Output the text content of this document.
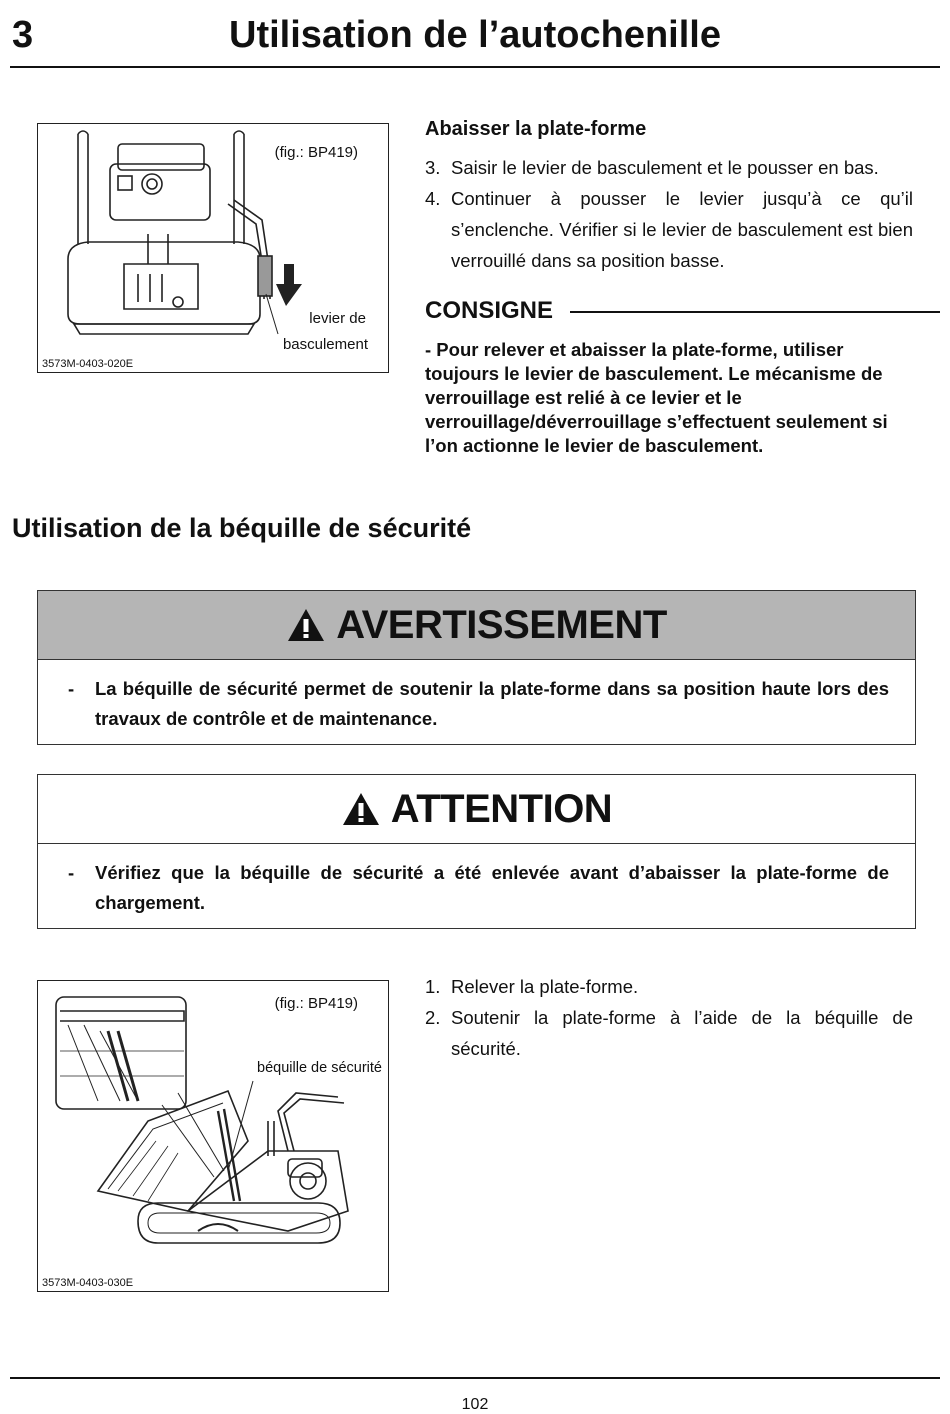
Utilisation de l’autochenille
3
(fig.: BP419)
levier de
basculement
3573M-0403-020E
Abaisser la plate-forme
3. Saisir le levier de basculement et le pousser en bas.
4. Continuer à pousser le levier jusqu’à ce qu’il s’enclenche. Vérifier si le levier de basculement est bien verrouillé dans sa position basse.
CONSIGNE
- Pour relever et abaisser la plate-forme, utiliser toujours le levier de basculement. Le mécanisme de verrouillage est relié à ce levier et le verrouillage/déverrouillage s’effectuent seulement si l’on actionne le levier de basculement.
Utilisation de la béquille de sécurité
AVERTISSEMENT
- La béquille de sécurité permet de soutenir la plate-forme dans sa position haute lors des travaux de contrôle et de maintenance.
ATTENTION
- Vérifiez que la béquille de sécurité a été enlevée avant d’abaisser la plate-forme de chargement.
(fig.: BP419)
béquille de sécurité
3573M-0403-030E
1. Relever la plate-forme.
2. Soutenir la plate-forme à l’aide de la béquille de sécurité.
102
